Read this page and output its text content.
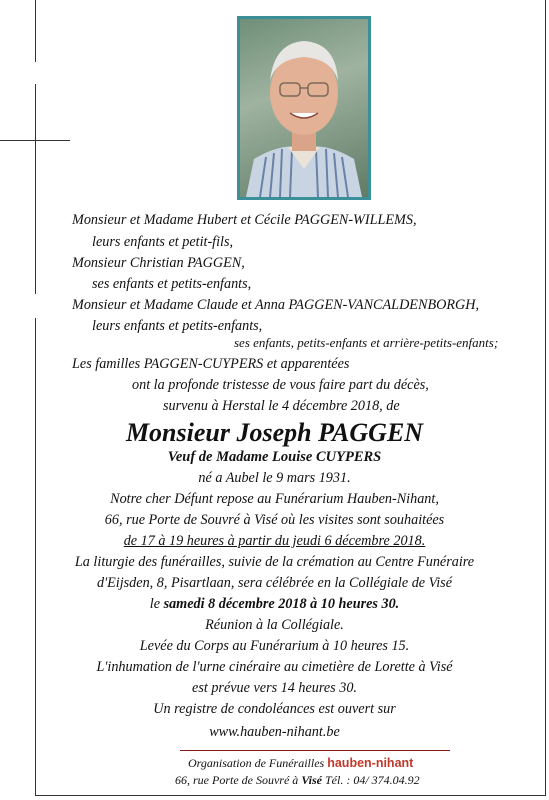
Monsieur et Madame Hubert et Cécile PAGGEN-WILLEMS,
leurs enfants et petit-fils,
Monsieur Christian PAGGEN,
ses enfants et petits-enfants,
Monsieur et Madame Claude et Anna PAGGEN-VANCALDENBORGH,
leurs enfants et petits-enfants,
ses enfants, petits-enfants et arrière-petits-enfants;
Les familles PAGGEN-CUYPERS et apparentées
ont la profonde tristesse de vous faire part du décès,
survenu à Herstal le 4 décembre 2018, de
Monsieur Joseph PAGGEN
Veuf de Madame Louise CUYPERS
né a Aubel le 9 mars 1931.
Notre cher Défunt repose au Funérarium Hauben-Nihant,
66, rue Porte de Souvré à Visé où les visites sont souhaitées
de 17 à 19 heures à partir du jeudi 6 décembre 2018.
La liturgie des funérailles, suivie de la crémation au Centre Funéraire
d'Eijsden, 8, Pisartlaan, sera célébrée en la Collégiale de Visé
le samedi 8 décembre 2018 à 10 heures 30.
Réunion à la Collégiale.
Levée du Corps au Funérarium à 10 heures 15.
L'inhumation de l'urne cinéraire au cimetière de Lorette à Visé
est prévue vers 14 heures 30.
Un registre de condoléances est ouvert sur
www.hauben-nihant.be
Organisation de Funérailles hauben-nihant
66, rue Porte de Souvré à Visé Tél. : 04/ 374.04.92
